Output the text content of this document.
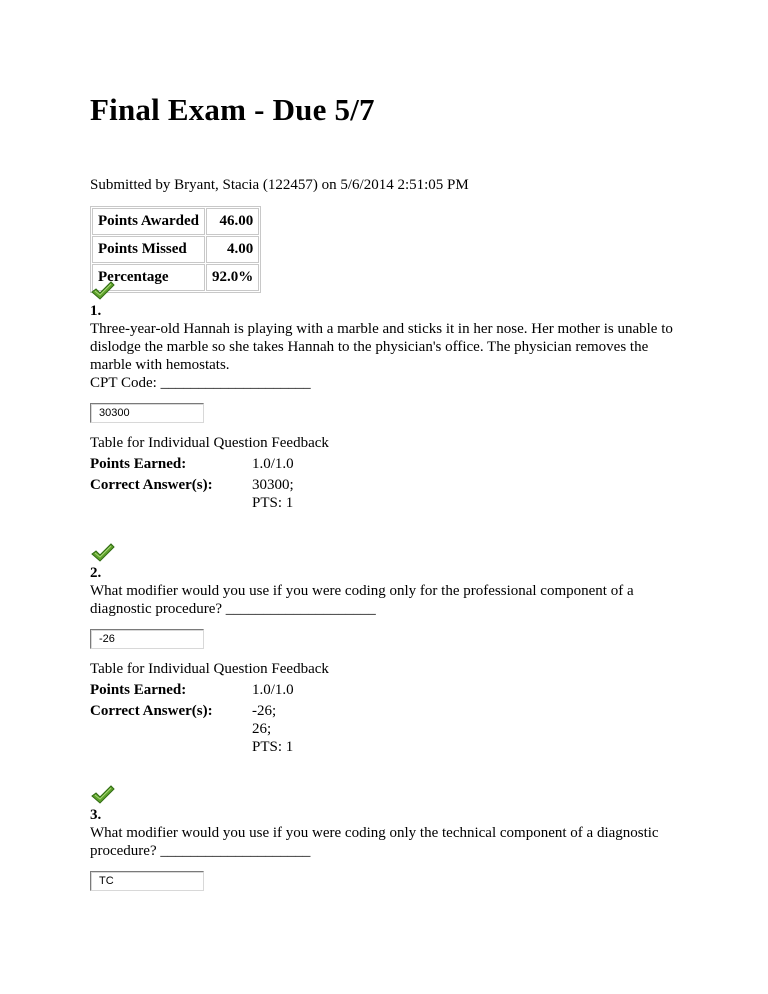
Final Exam - Due 5/7
Submitted by Bryant, Stacia (122457) on 5/6/2014 2:51:05 PM
Points Awarded	46.00
Points Missed	4.00
Percentage	92.0%
1.
Three-year-old Hannah is playing with a marble and sticks it in her nose. Her mother is unable to
dislodge the marble so she takes Hannah to the physician's office. The physician removes the
marble with hemostats.
CPT Code: ____________________
30300
Table for Individual Question Feedback
Points Earned:	1.0/1.0
Correct Answer(s):	30300;
PTS: 1
2.
What modifier would you use if you were coding only for the professional component of a
diagnostic procedure? ____________________
-26
Table for Individual Question Feedback
Points Earned:	1.0/1.0
Correct Answer(s):	-26;
26;
PTS: 1
3.
What modifier would you use if you were coding only the technical component of a diagnostic
procedure? ____________________
TC
